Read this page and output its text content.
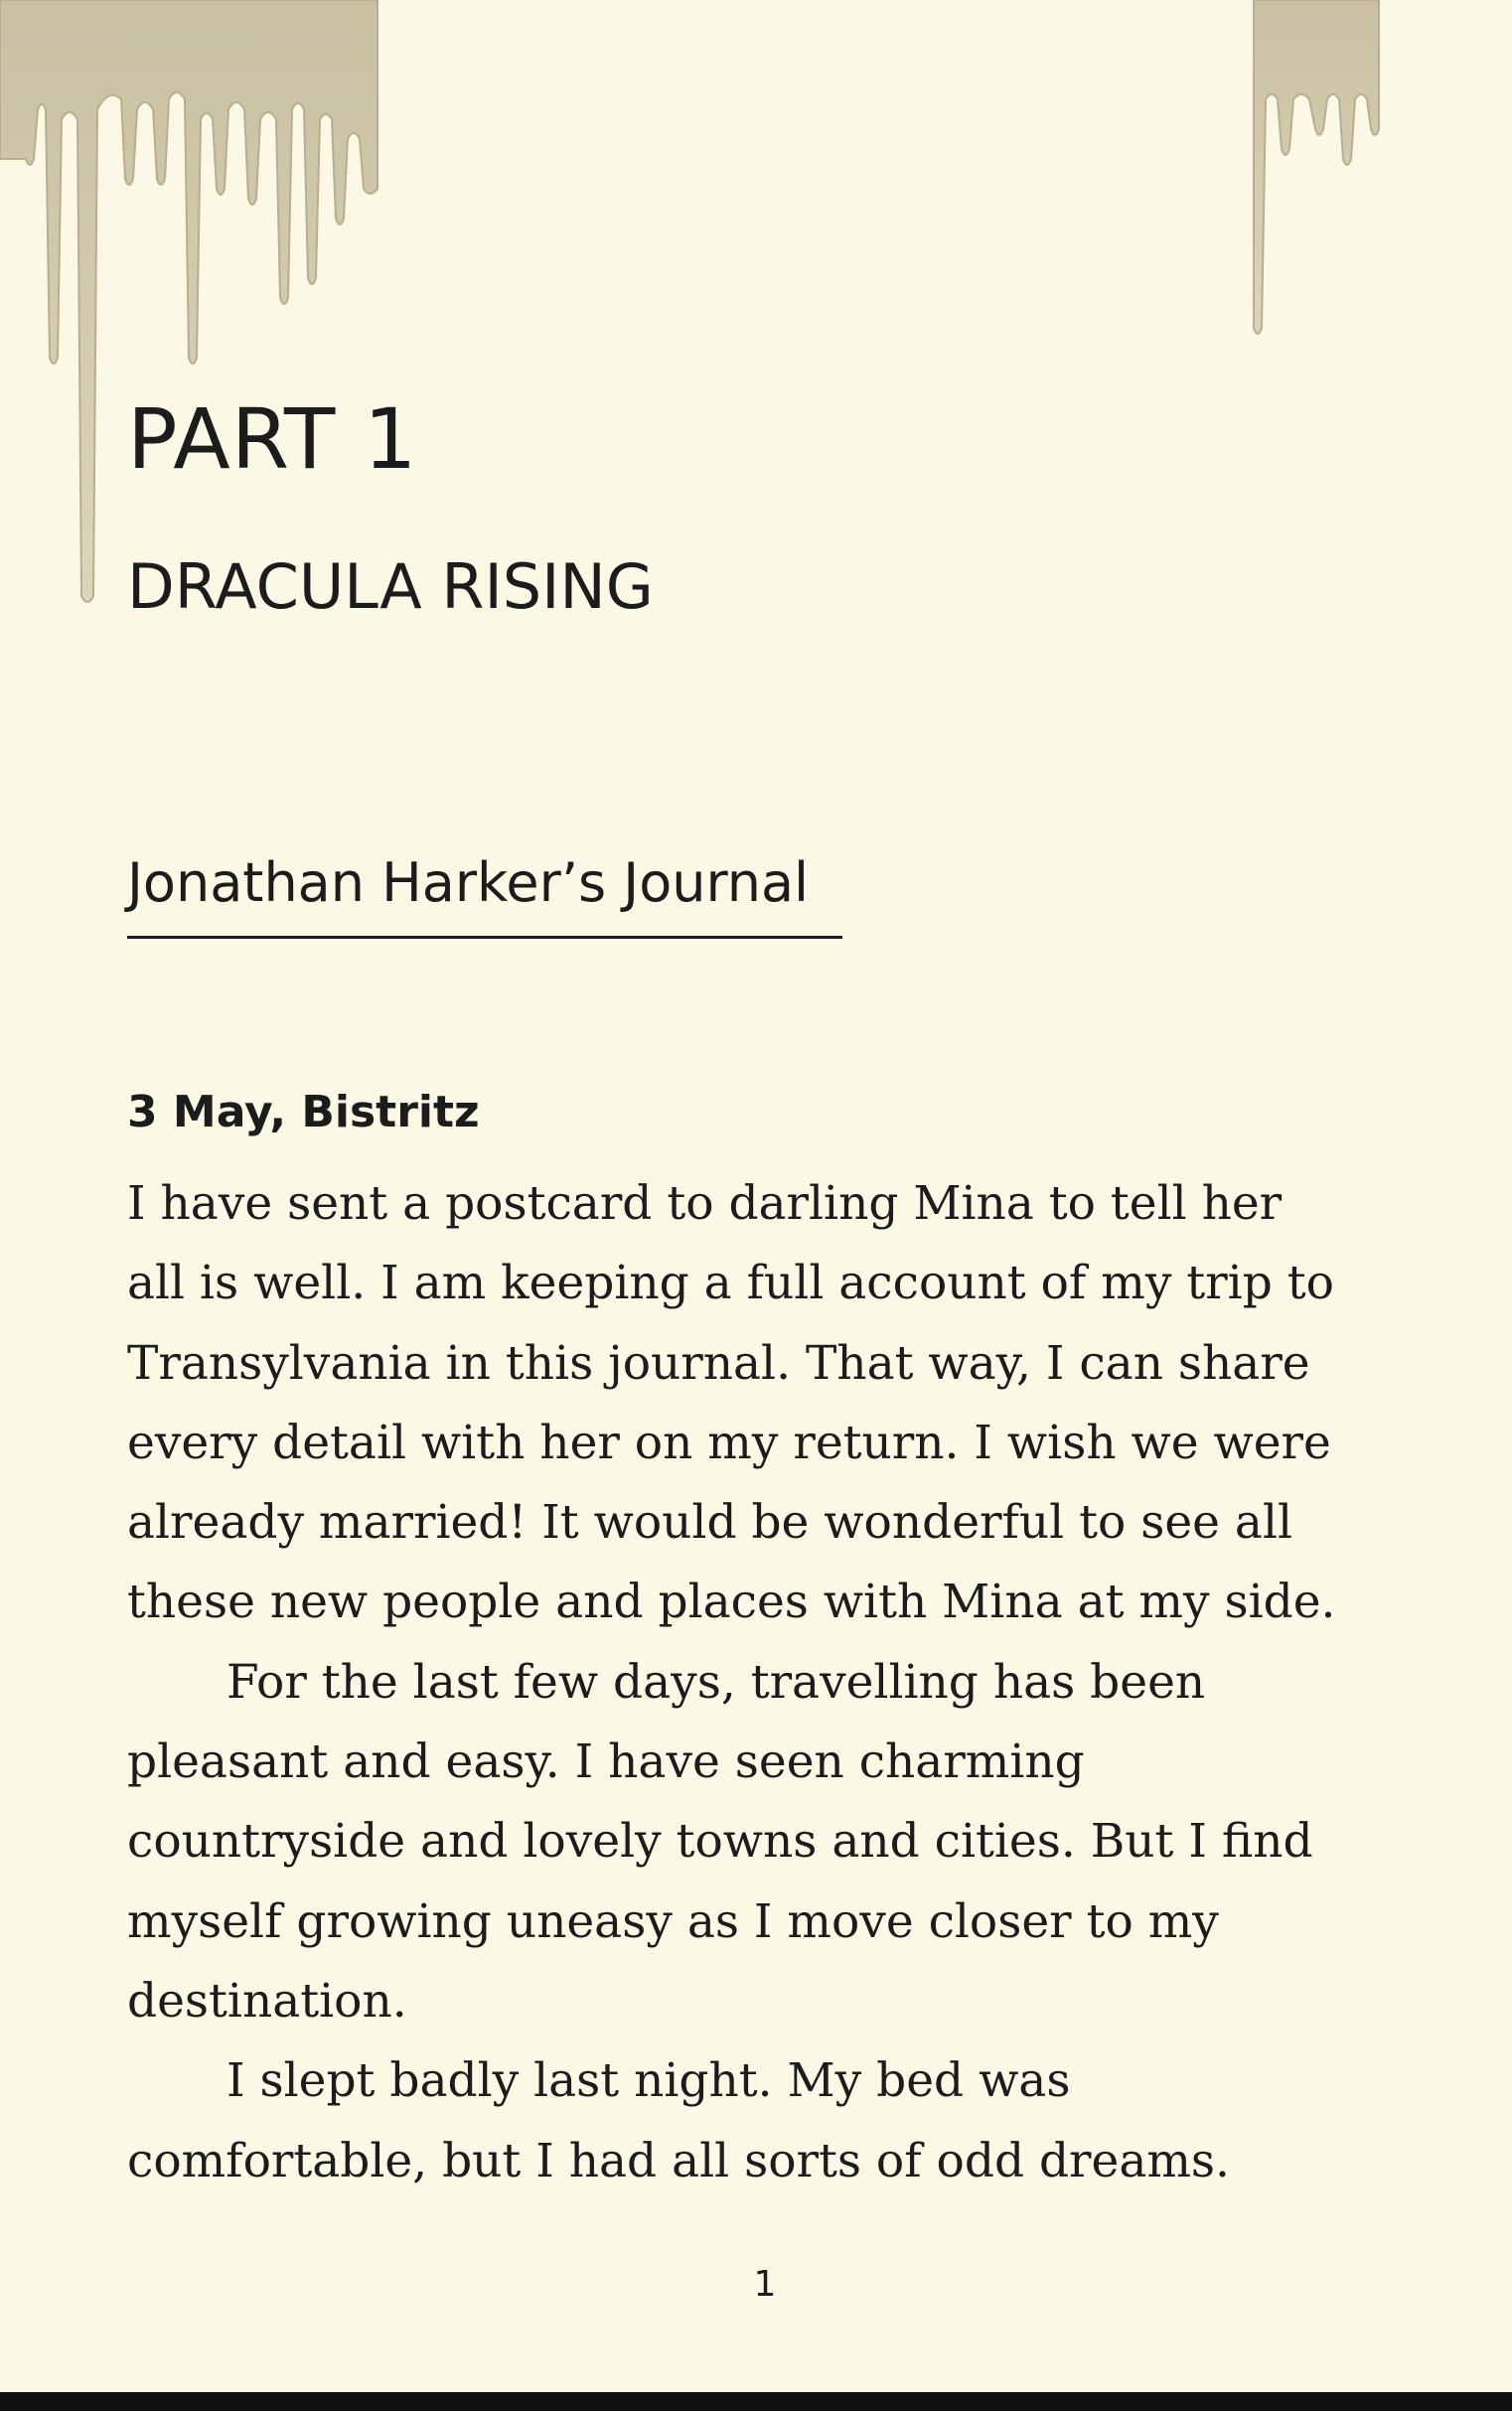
PART 1
DRACULA RISING
Jonathan Harker’s Journal
3 May, Bistritz
I have sent a postcard to darling Mina to tell her
all is well. I am keeping a full account of my trip to
Transylvania in this journal. That way, I can share
every detail with her on my return. I wish we were
already married! It would be wonderful to see all
these new people and places with Mina at my side.
For the last few days, travelling has been
pleasant and easy. I have seen charming
countryside and lovely towns and cities. But I find
myself growing uneasy as I move closer to my
destination.
I slept badly last night. My bed was
comfortable, but I had all sorts of odd dreams.
1
